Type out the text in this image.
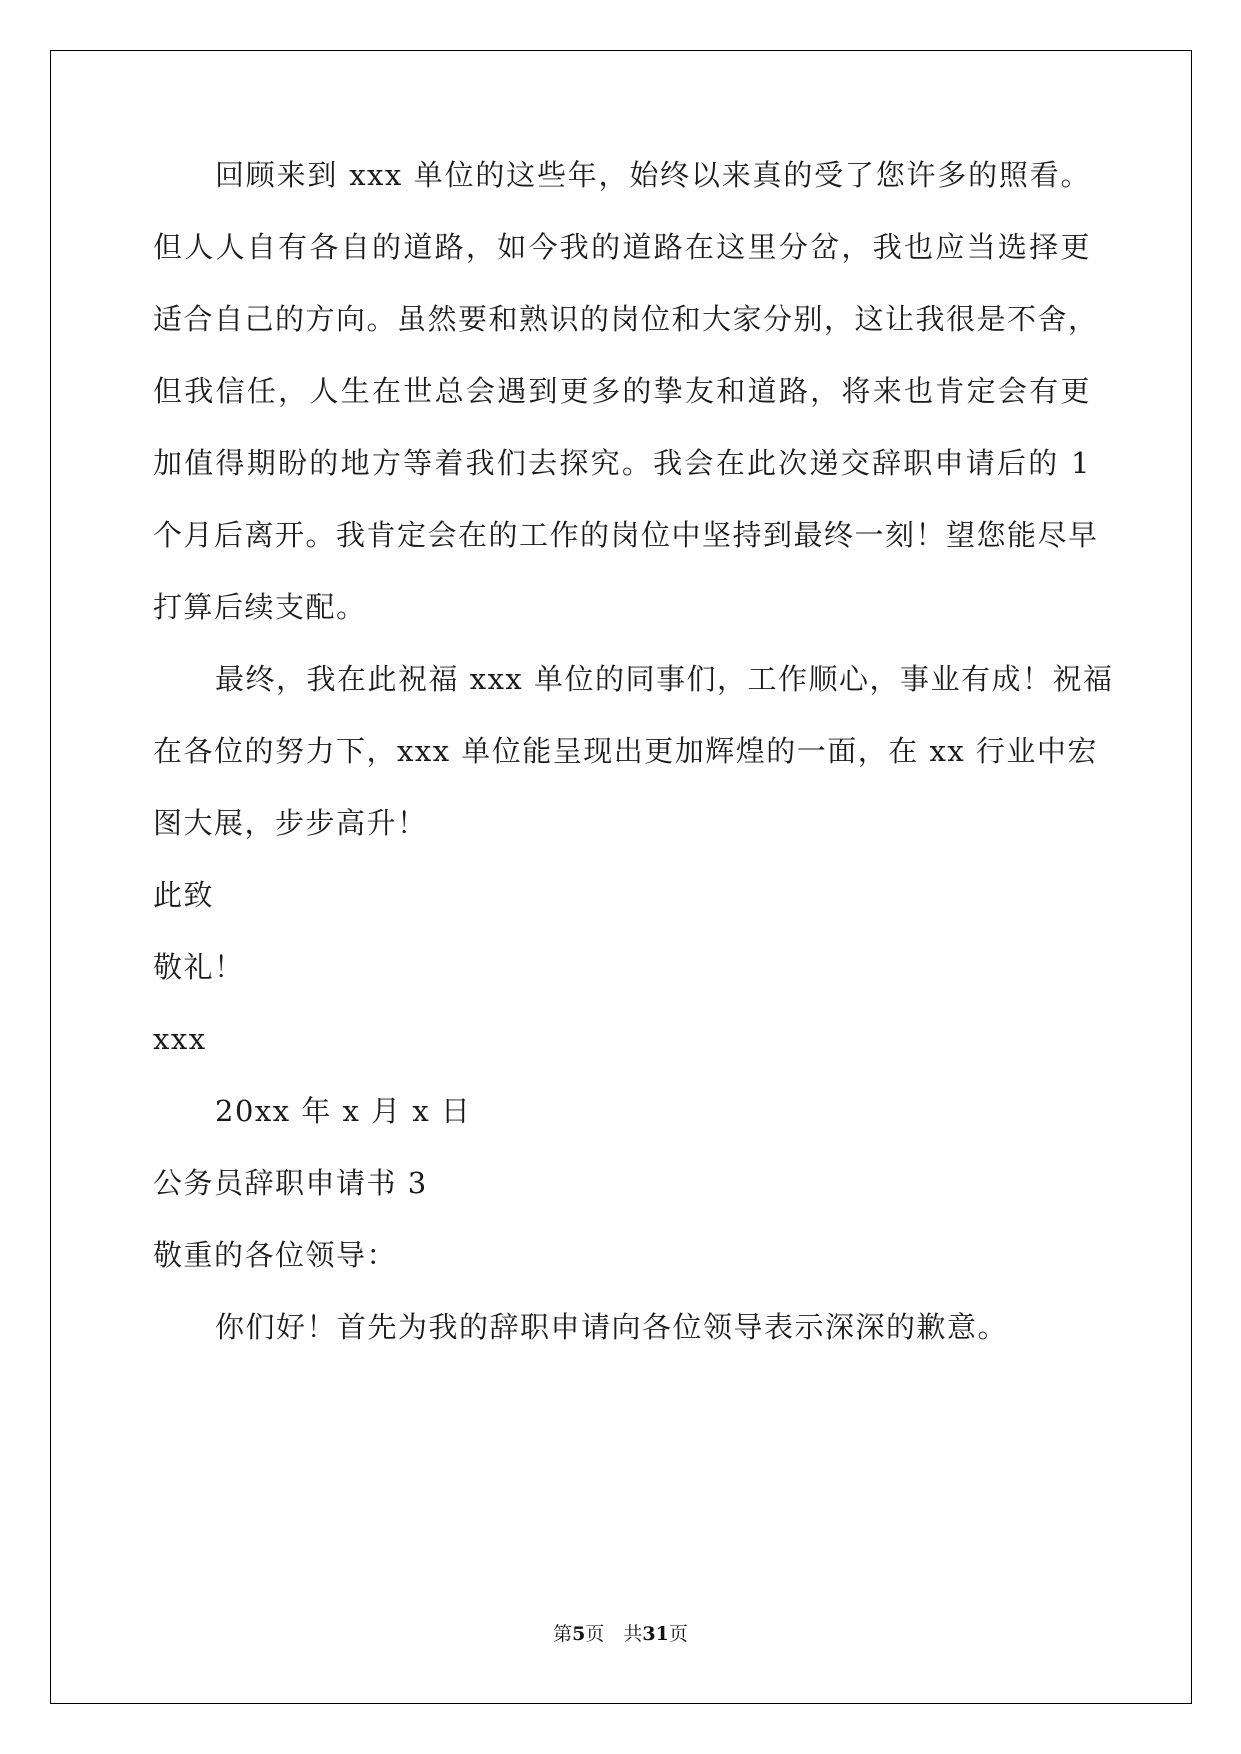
回顾来到 xxx 单位的这些年，始终以来真的受了您许多的照看。
但人人自有各自的道路，如今我的道路在这里分岔，我也应当选择更
适合自己的方向。虽然要和熟识的岗位和大家分别，这让我很是不舍，
但我信任，人生在世总会遇到更多的挚友和道路，将来也肯定会有更
加值得期盼的地方等着我们去探究。我会在此次递交辞职申请后的 1
个月后离开。我肯定会在的工作的岗位中坚持到最终一刻！望您能尽早
打算后续支配。
最终，我在此祝福 xxx 单位的同事们，工作顺心，事业有成！祝福
在各位的努力下，xxx 单位能呈现出更加辉煌的一面，在 xx 行业中宏
图大展，步步高升！
此致
敬礼！
xxx
20xx 年 x 月 x 日
公务员辞职申请书 3
敬重的各位领导：
你们好！首先为我的辞职申请向各位领导表示深深的歉意。
第5页　共31页
